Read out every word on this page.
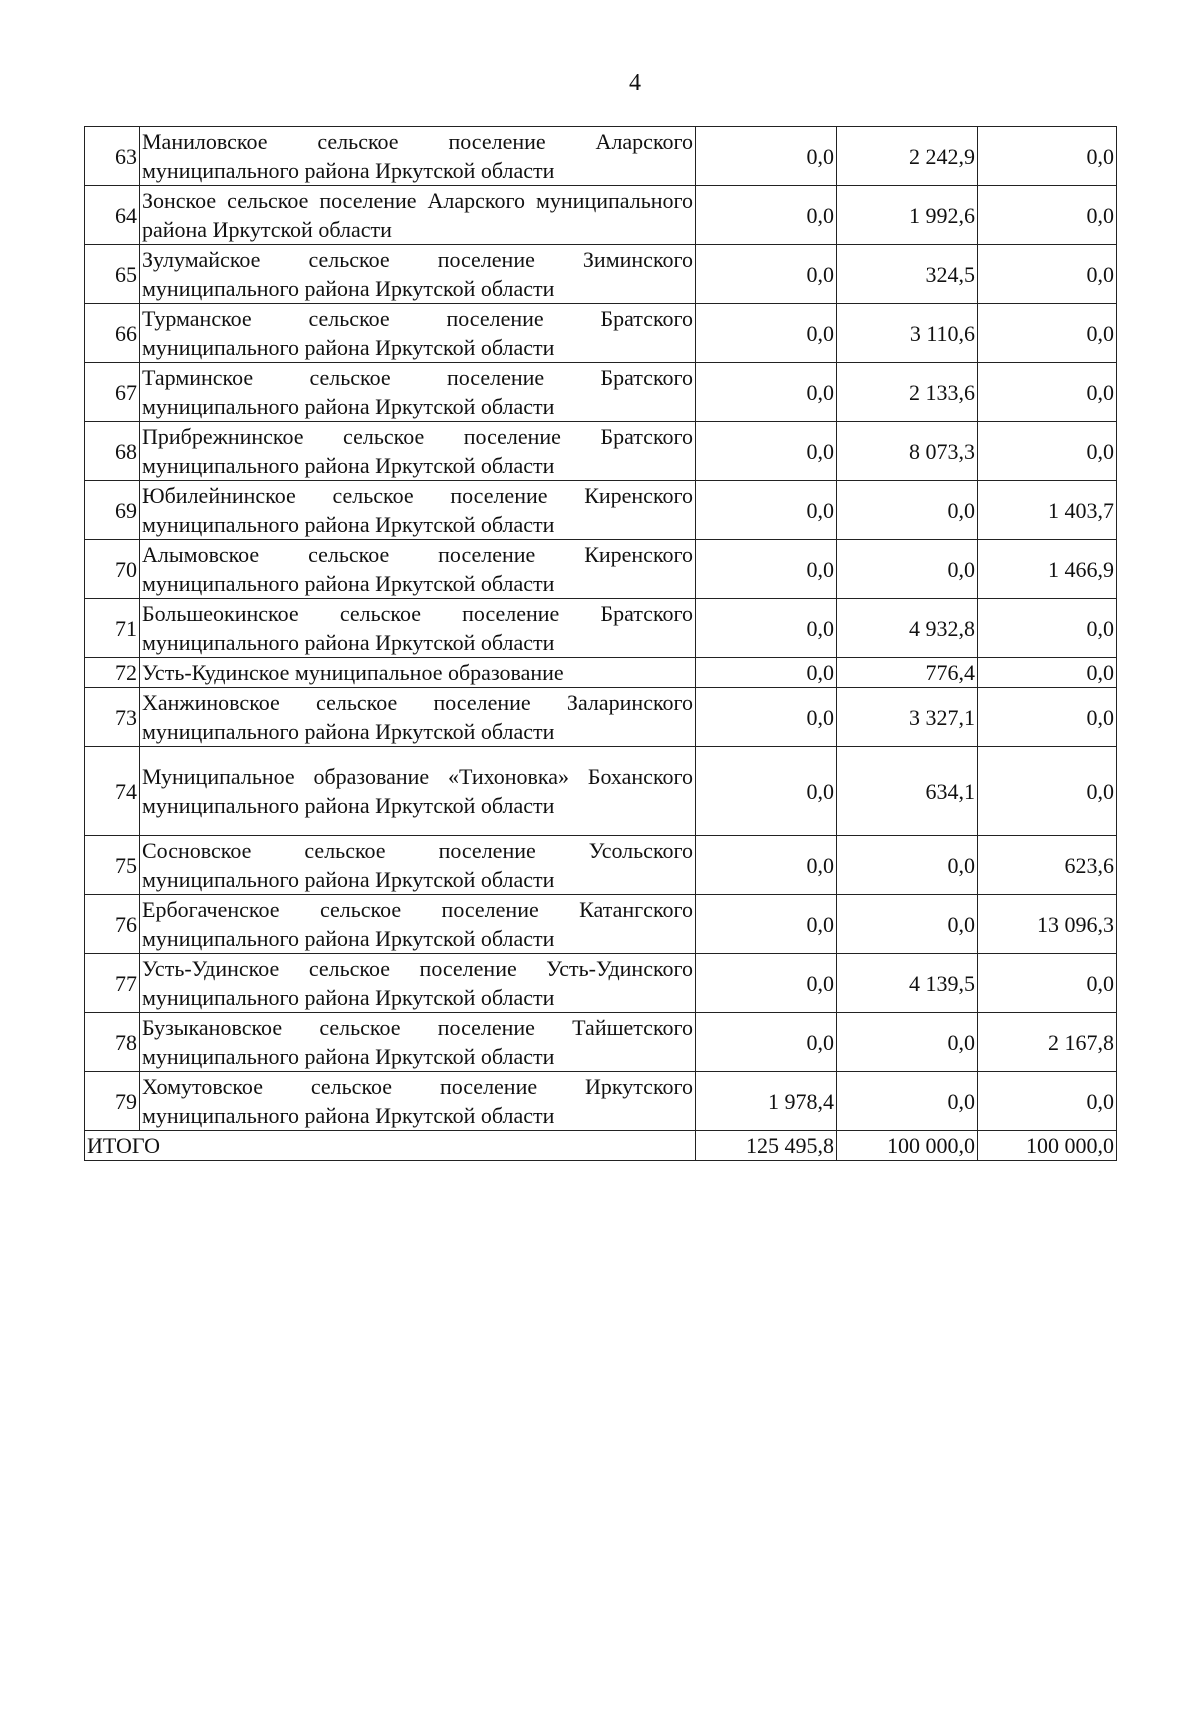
4
63	Маниловское сельское поселение Аларского муниципального района Иркутской области	0,0	2 242,9	0,0
64	Зонское сельское поселение Аларского муниципального района Иркутской области	0,0	1 992,6	0,0
65	Зулумайское сельское поселение Зиминского муниципального района Иркутской области	0,0	324,5	0,0
66	Турманское сельское поселение Братского муниципального района Иркутской области	0,0	3 110,6	0,0
67	Тарминское сельское поселение Братского муниципального района Иркутской области	0,0	2 133,6	0,0
68	Прибрежнинское сельское поселение Братского муниципального района Иркутской области	0,0	8 073,3	0,0
69	Юбилейнинское сельское поселение Киренского муниципального района Иркутской области	0,0	0,0	1 403,7
70	Алымовское сельское поселение Киренского муниципального района Иркутской области	0,0	0,0	1 466,9
71	Большеокинское сельское поселение Братского муниципального района Иркутской области	0,0	4 932,8	0,0
72	Усть-Кудинское муниципальное образование	0,0	776,4	0,0
73	Ханжиновское сельское поселение Заларинского муниципального района Иркутской области	0,0	3 327,1	0,0
74	Муниципальное образование «Тихоновка» Боханского муниципального района Иркутской области	0,0	634,1	0,0
75	Сосновское сельское поселение Усольского муниципального района Иркутской области	0,0	0,0	623,6
76	Ербогаченское сельское поселение Катангского муниципального района Иркутской области	0,0	0,0	13 096,3
77	Усть-Удинское сельское поселение Усть-Удинского муниципального района Иркутской области	0,0	4 139,5	0,0
78	Бузыкановское сельское поселение Тайшетского муниципального района Иркутской области	0,0	0,0	2 167,8
79	Хомутовское сельское поселение Иркутского муниципального района Иркутской области	1 978,4	0,0	0,0
ИТОГО		125 495,8	100 000,0	100 000,0
